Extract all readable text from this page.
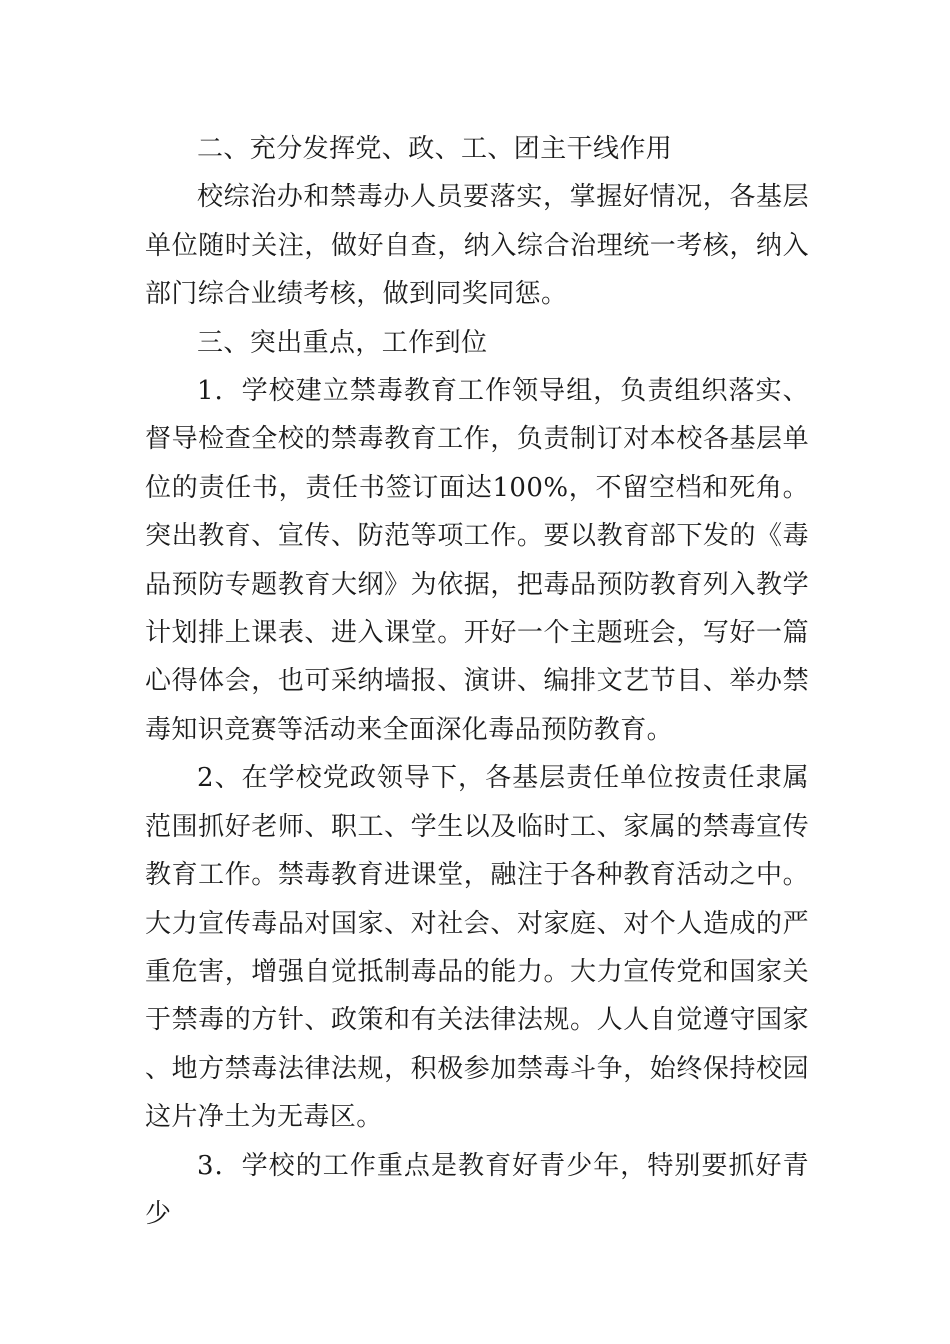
二、充分发挥党、政、工、团主干线作用

校综治办和禁毒办人员要落实，掌握好情况，各基层单位随时关注，做好自查，纳入综合治理统一考核，纳入部门综合业绩考核，做到同奖同惩。

三、突出重点，工作到位

1．学校建立禁毒教育工作领导组，负责组织落实、督导检查全校的禁毒教育工作，负责制订对本校各基层单位的责任书，责任书签订面达100%，不留空档和死角。突出教育、宣传、防范等项工作。要以教育部下发的《毒品预防专题教育大纲》为依据，把毒品预防教育列入教学计划排上课表、进入课堂。开好一个主题班会，写好一篇心得体会，也可采纳墙报、演讲、编排文艺节目、举办禁毒知识竞赛等活动来全面深化毒品预防教育。

2、在学校党政领导下，各基层责任单位按责任隶属范围抓好老师、职工、学生以及临时工、家属的禁毒宣传教育工作。禁毒教育进课堂，融注于各种教育活动之中。大力宣传毒品对国家、对社会、对家庭、对个人造成的严重危害，增强自觉抵制毒品的能力。大力宣传党和国家关于禁毒的方针、政策和有关法律法规。人人自觉遵守国家、地方禁毒法律法规，积极参加禁毒斗争，始终保持校园这片净土为无毒区。

3．学校的工作重点是教育好青少年，特别要抓好青少
